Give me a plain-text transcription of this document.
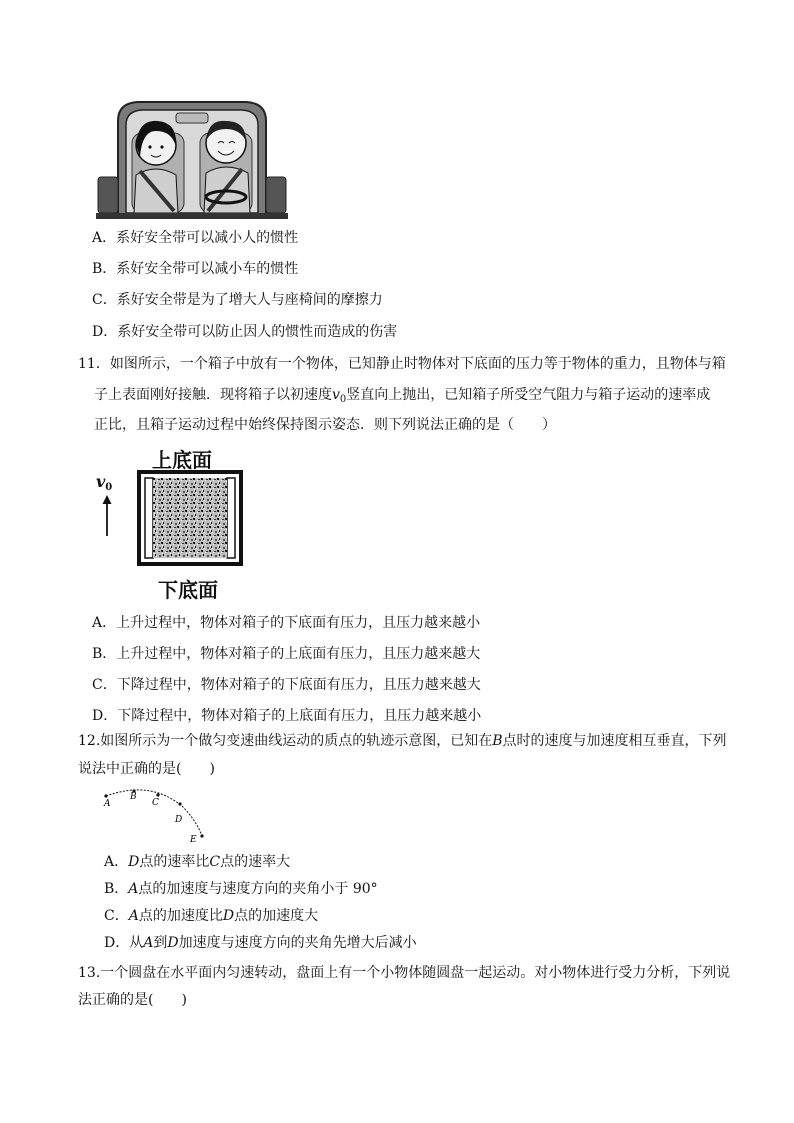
A．系好安全带可以减小人的惯性
B．系好安全带可以减小车的惯性
C．系好安全带是为了增大人与座椅间的摩擦力
D．系好安全带可以防止因人的惯性而造成的伤害
11．如图所示，一个箱子中放有一个物体，已知静止时物体对下底面的压力等于物体的重力，且物体与箱
子上表面刚好接触．现将箱子以初速度$v_0$竖直向上抛出，已知箱子所受空气阻力与箱子运动的速率成
正比，且箱子运动过程中始终保持图示姿态．则下列说法正确的是（　　）
上底面
$v_0$
下底面
A．上升过程中，物体对箱子的下底面有压力，且压力越来越小
B．上升过程中，物体对箱子的上底面有压力，且压力越来越大
C．下降过程中，物体对箱子的下底面有压力，且压力越来越大
D．下降过程中，物体对箱子的上底面有压力，且压力越来越小
12.如图所示为一个做匀变速曲线运动的质点的轨迹示意图，已知在B点时的速度与加速度相互垂直，下列
说法中正确的是(　　)
A
B
C
D
E
A．D点的速率比C点的速率大
B．A点的加速度与速度方向的夹角小于 90°
C．A点的加速度比D点的加速度大
D．从A到D加速度与速度方向的夹角先增大后减小
13.一个圆盘在水平面内匀速转动，盘面上有一个小物体随圆盘一起运动。对小物体进行受力分析，下列说
法正确的是(　　)
